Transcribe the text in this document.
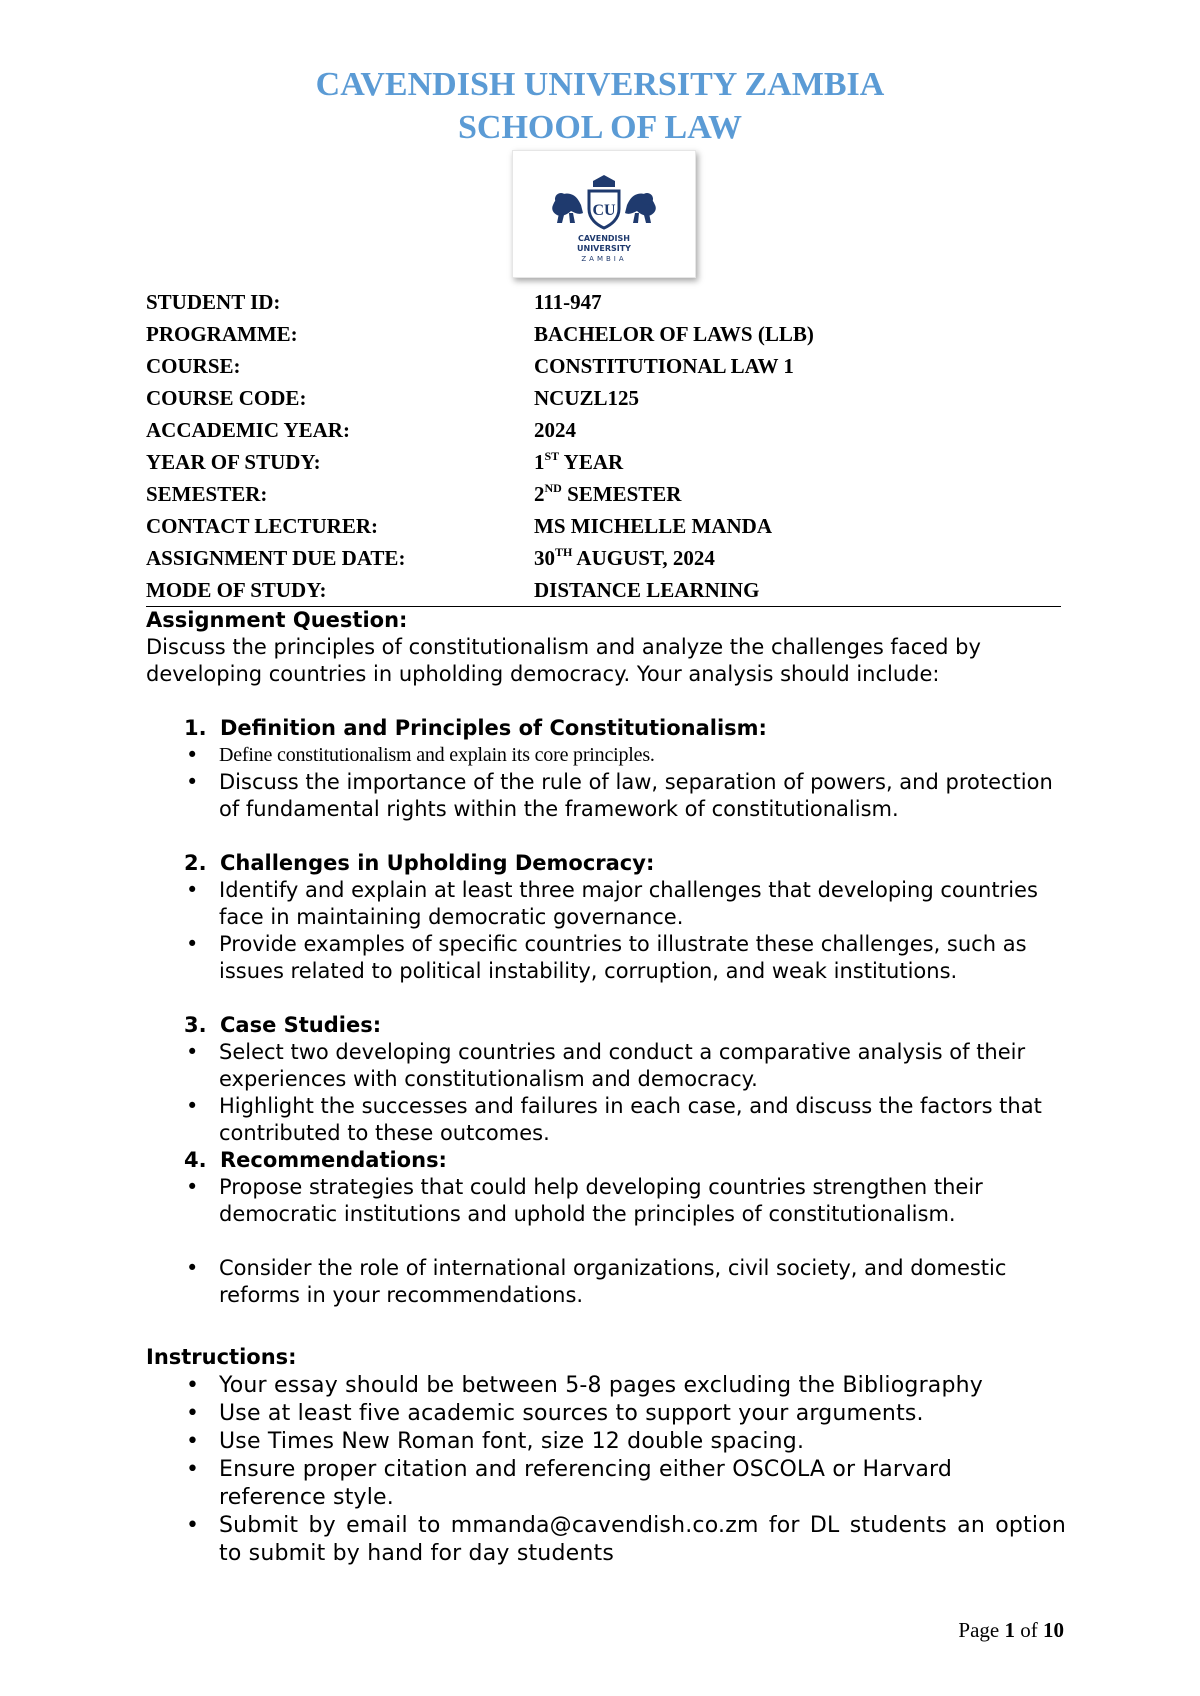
CAVENDISH UNIVERSITY ZAMBIA
SCHOOL OF LAW
CU
CAVENDISH
UNIVERSITY
ZAMBIA
STUDENT ID:	111-947
PROGRAMME:	BACHELOR OF LAWS (LLB)
COURSE:	CONSTITUTIONAL LAW 1
COURSE CODE:	NCUZL125
ACCADEMIC YEAR:	2024
YEAR OF STUDY:	1ST YEAR
SEMESTER:	2ND SEMESTER
CONTACT LECTURER:	MS MICHELLE MANDA
ASSIGNMENT DUE DATE:	30TH AUGUST, 2024
MODE OF STUDY:	DISTANCE LEARNING
Assignment Question:
Discuss the principles of constitutionalism and analyze the challenges faced by developing countries in upholding democracy. Your analysis should include:
1. Definition and Principles of Constitutionalism:
• Define constitutionalism and explain its core principles.
• Discuss the importance of the rule of law, separation of powers, and protection of fundamental rights within the framework of constitutionalism.
2. Challenges in Upholding Democracy:
• Identify and explain at least three major challenges that developing countries face in maintaining democratic governance.
• Provide examples of specific countries to illustrate these challenges, such as issues related to political instability, corruption, and weak institutions.
3. Case Studies:
• Select two developing countries and conduct a comparative analysis of their experiences with constitutionalism and democracy.
• Highlight the successes and failures in each case, and discuss the factors that contributed to these outcomes.
4. Recommendations:
• Propose strategies that could help developing countries strengthen their democratic institutions and uphold the principles of constitutionalism.
• Consider the role of international organizations, civil society, and domestic reforms in your recommendations.
Instructions:
• Your essay should be between 5-8 pages excluding the Bibliography
• Use at least five academic sources to support your arguments.
• Use Times New Roman font, size 12 double spacing.
• Ensure proper citation and referencing either OSCOLA or Harvard reference style.
• Submit by email to mmanda@cavendish.co.zm for DL students an option to submit by hand for day students
Page 1 of 10
